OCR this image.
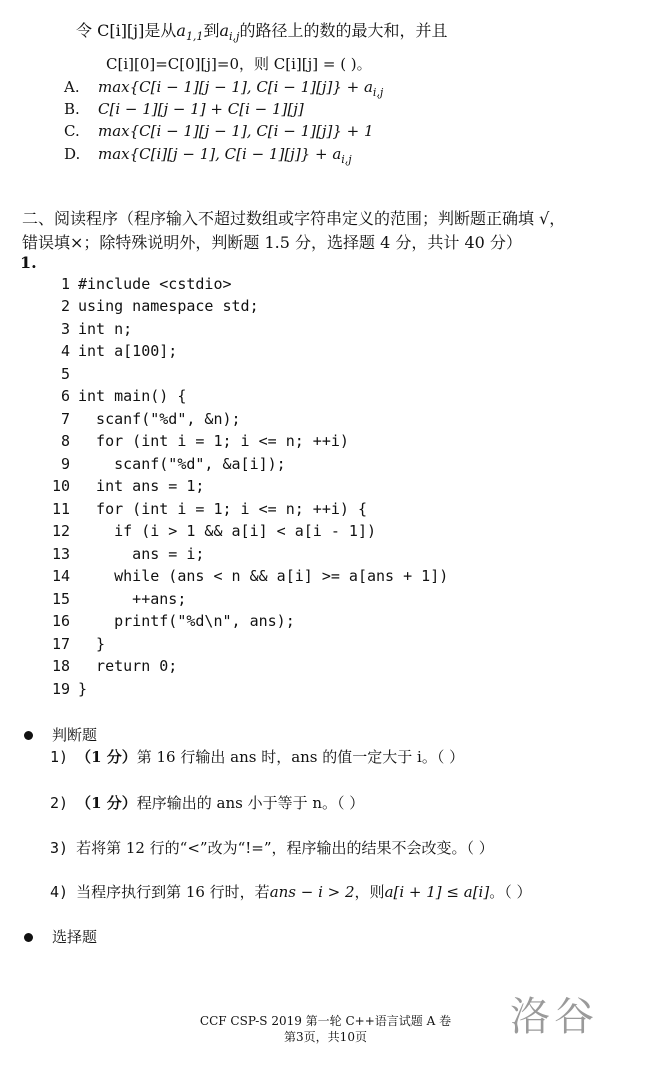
令 C[i][j]是从$a_{1,1}$到$a_{i,j}$的路径上的数的最大和，并且
C[i][0]=C[0][j]=0，则 C[i][j] = ( )。
A. max{C[i − 1][j − 1], $C[i - 1][j]\} + a_{i,j}$
B. C[i − 1][j − 1] + C[i − 1][j]
C. max{C[i − 1][j − 1], C[i − 1][j]} + 1
D. max{C[i][j − 1], $C[i - 1][j]\} + a_{i,j}$
二、阅读程序（程序输入不超过数组或字符串定义的范围；判断题正确填 √，
错误填×；除特殊说明外，判断题 1.5 分，选择题 4 分，共计 40 分）
1.
1 #include <cstdio>
2 using namespace std;
3 int n;
4 int a[100];
5
6 int main() {
7  scanf("%d", &n);
8  for (int i = 1; i <= n; ++i)
9    scanf("%d", &a[i]);
10  int ans = 1;
11  for (int i = 1; i <= n; ++i) {
12    if (i > 1 && a[i] < a[i - 1])
13      ans = i;
14    while (ans < n && a[i] >= a[ans + 1])
15      ++ans;
16    printf("%d\n", ans);
17  }
18  return 0;
19 }
判断题
1) （1 分）第 16 行输出 ans 时，ans 的值一定大于 i。（ ）
2) （1 分）程序输出的 ans 小于等于 n。（ ）
3) 若将第 12 行的“<”改为“!=”，程序输出的结果不会改变。（ ）
4) 当程序执行到第 16 行时，若ans − i > 2，则a[i + 1] ≤ a[i]。（ ）
选择题
洛谷
CCF CSP-S 2019 第一轮 C++语言试题 A 卷
第3页，共10页
